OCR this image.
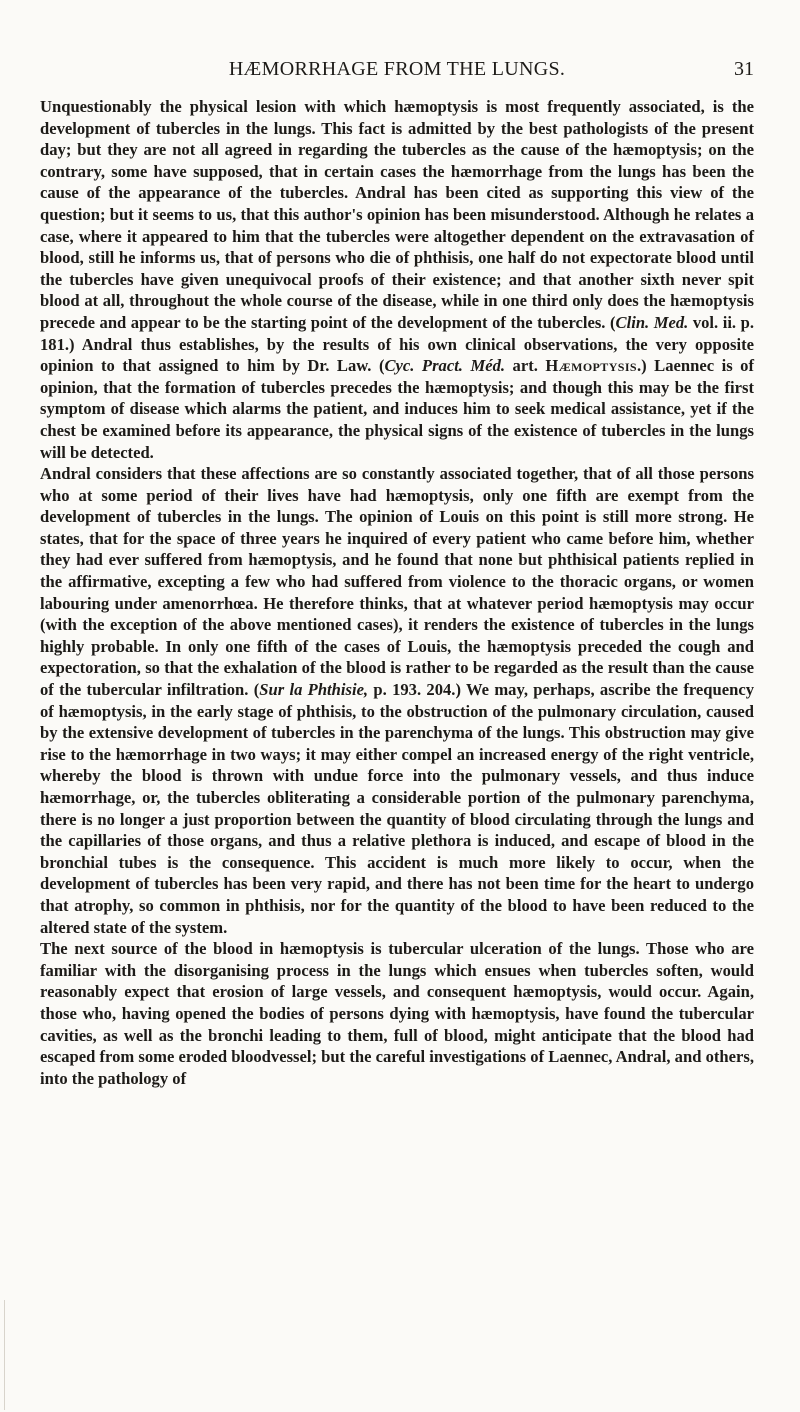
HÆMORRHAGE FROM THE LUNGS.	31

Unquestionably the physical lesion with which hæmoptysis is most frequently associated, is the development of tubercles in the lungs. This fact is admitted by the best pathologists of the present day; but they are not all agreed in regarding the tubercles as the cause of the hæmoptysis; on the contrary, some have supposed, that in certain cases the hæmorrhage from the lungs has been the cause of the appearance of the tubercles. Andral has been cited as supporting this view of the question; but it seems to us, that this author's opinion has been misunderstood. Although he relates a case, where it appeared to him that the tubercles were altogether dependent on the extravasation of blood, still he informs us, that of persons who die of phthisis, one half do not expectorate blood until the tubercles have given unequivocal proofs of their existence; and that another sixth never spit blood at all, throughout the whole course of the disease, while in one third only does the hæmoptysis precede and appear to be the starting point of the development of the tubercles. (Clin. Med. vol. ii. p. 181.) Andral thus establishes, by the results of his own clinical observations, the very opposite opinion to that assigned to him by Dr. Law. (Cyc. Pract. Méd. art. Hæmoptysis.) Laennec is of opinion, that the formation of tubercles precedes the hæmoptysis; and though this may be the first symptom of disease which alarms the patient, and induces him to seek medical assistance, yet if the chest be examined before its appearance, the physical signs of the existence of tubercles in the lungs will be detected.

Andral considers that these affections are so constantly associated together, that of all those persons who at some period of their lives have had hæmoptysis, only one fifth are exempt from the development of tubercles in the lungs. The opinion of Louis on this point is still more strong. He states, that for the space of three years he inquired of every patient who came before him, whether they had ever suffered from hæmoptysis, and he found that none but phthisical patients replied in the affirmative, excepting a few who had suffered from violence to the thoracic organs, or women labouring under amenorrhœa. He therefore thinks, that at whatever period hæmoptysis may occur (with the exception of the above mentioned cases), it renders the existence of tubercles in the lungs highly probable. In only one fifth of the cases of Louis, the hæmoptysis preceded the cough and expectoration, so that the exhalation of the blood is rather to be regarded as the result than the cause of the tubercular infiltration. (Sur la Phthisie, p. 193. 204.) We may, perhaps, ascribe the frequency of hæmoptysis, in the early stage of phthisis, to the obstruction of the pulmonary circulation, caused by the extensive development of tubercles in the parenchyma of the lungs. This obstruction may give rise to the hæmorrhage in two ways; it may either compel an increased energy of the right ventricle, whereby the blood is thrown with undue force into the pulmonary vessels, and thus induce hæmorrhage, or, the tubercles obliterating a considerable portion of the pulmonary parenchyma, there is no longer a just proportion between the quantity of blood circulating through the lungs and the capillaries of those organs, and thus a relative plethora is induced, and escape of blood in the bronchial tubes is the consequence. This accident is much more likely to occur, when the development of tubercles has been very rapid, and there has not been time for the heart to undergo that atrophy, so common in phthisis, nor for the quantity of the blood to have been reduced to the altered state of the system.

The next source of the blood in hæmoptysis is tubercular ulceration of the lungs. Those who are familiar with the disorganising process in the lungs which ensues when tubercles soften, would reasonably expect that erosion of large vessels, and consequent hæmoptysis, would occur. Again, those who, having opened the bodies of persons dying with hæmoptysis, have found the tubercular cavities, as well as the bronchi leading to them, full of blood, might anticipate that the blood had escaped from some eroded bloodvessel; but the careful investigations of Laennec, Andral, and others, into the pathology of
